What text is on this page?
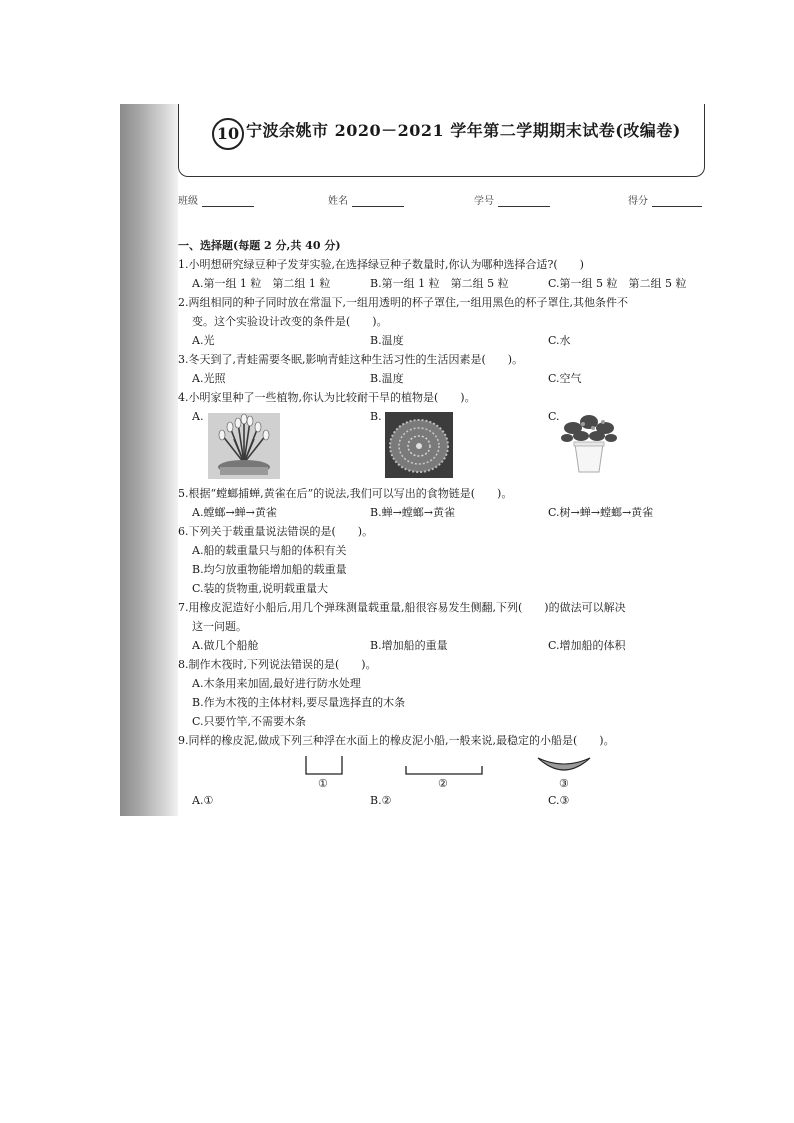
10 宁波余姚市 2020－2021 学年第二学期期末试卷(改编卷)
班级	姓名	学号	得分
一、选择题(每题 2 分,共 40 分)
1.小明想研究绿豆种子发芽实验,在选择绿豆种子数量时,你认为哪种选择合适?(　　)
A.第一组 1 粒　第二组 1 粒	B.第一组 1 粒　第二组 5 粒	C.第一组 5 粒　第二组 5 粒
2.两组相同的种子同时放在常温下,一组用透明的杯子罩住,一组用黑色的杯子罩住,其他条件不
变。这个实验设计改变的条件是(　　)。
A.光	B.温度	C.水
3.冬天到了,青蛙需要冬眠,影响青蛙这种生活习性的生活因素是(　　)。
A.光照	B.温度	C.空气
4.小明家里种了一些植物,你认为比较耐干旱的植物是(　　)。
A.	B.	C.
5.根据“螳螂捕蝉,黄雀在后”的说法,我们可以写出的食物链是(　　)。
A.螳螂→蝉→黄雀	B.蝉→螳螂→黄雀	C.树→蝉→螳螂→黄雀
6.下列关于载重量说法错误的是(　　)。
A.船的载重量只与船的体积有关
B.均匀放重物能增加船的载重量
C.装的货物重,说明载重量大
7.用橡皮泥造好小船后,用几个弹珠测量载重量,船很容易发生侧翻,下列(　　)的做法可以解决
这一问题。
A.做几个船舱	B.增加船的重量	C.增加船的体积
8.制作木筏时,下列说法错误的是(　　)。
A.木条用来加固,最好进行防水处理
B.作为木筏的主体材料,要尽量选择直的木条
C.只要竹竿,不需要木条
9.同样的橡皮泥,做成下列三种浮在水面上的橡皮泥小船,一般来说,最稳定的小船是(　　)。
①	②	③
A.①	B.②	C.③
